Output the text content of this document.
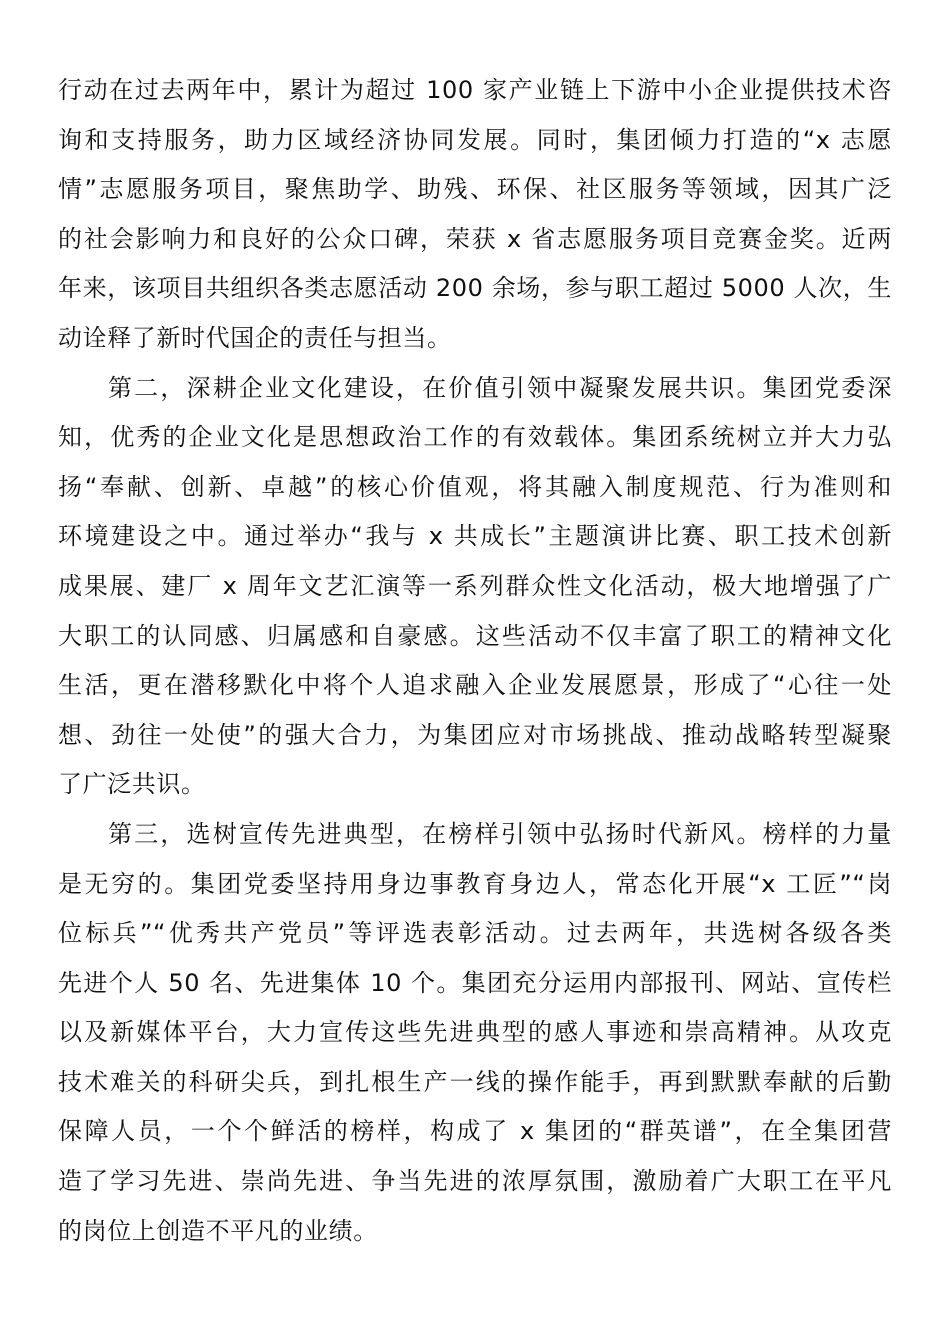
行动在过去两年中，累计为超过 100 家产业链上下游中小企业提供技术咨
询和支持服务，助力区域经济协同发展。同时，集团倾力打造的“x 志愿
情”志愿服务项目，聚焦助学、助残、环保、社区服务等领域，因其广泛
的社会影响力和良好的公众口碑，荣获 x 省志愿服务项目竞赛金奖。近两
年来，该项目共组织各类志愿活动 200 余场，参与职工超过 5000 人次，生
动诠释了新时代国企的责任与担当。
第二，深耕企业文化建设，在价值引领中凝聚发展共识。集团党委深
知，优秀的企业文化是思想政治工作的有效载体。集团系统树立并大力弘
扬“奉献、创新、卓越”的核心价值观，将其融入制度规范、行为准则和
环境建设之中。通过举办“我与 x 共成长”主题演讲比赛、职工技术创新
成果展、建厂 x 周年文艺汇演等一系列群众性文化活动，极大地增强了广
大职工的认同感、归属感和自豪感。这些活动不仅丰富了职工的精神文化
生活，更在潜移默化中将个人追求融入企业发展愿景，形成了“心往一处
想、劲往一处使”的强大合力，为集团应对市场挑战、推动战略转型凝聚
了广泛共识。
第三，选树宣传先进典型，在榜样引领中弘扬时代新风。榜样的力量
是无穷的。集团党委坚持用身边事教育身边人，常态化开展“x 工匠”“岗
位标兵”“优秀共产党员”等评选表彰活动。过去两年，共选树各级各类
先进个人 50 名、先进集体 10 个。集团充分运用内部报刊、网站、宣传栏
以及新媒体平台，大力宣传这些先进典型的感人事迹和崇高精神。从攻克
技术难关的科研尖兵，到扎根生产一线的操作能手，再到默默奉献的后勤
保障人员，一个个鲜活的榜样，构成了 x 集团的“群英谱”，在全集团营
造了学习先进、崇尚先进、争当先进的浓厚氛围，激励着广大职工在平凡
的岗位上创造不平凡的业绩。
